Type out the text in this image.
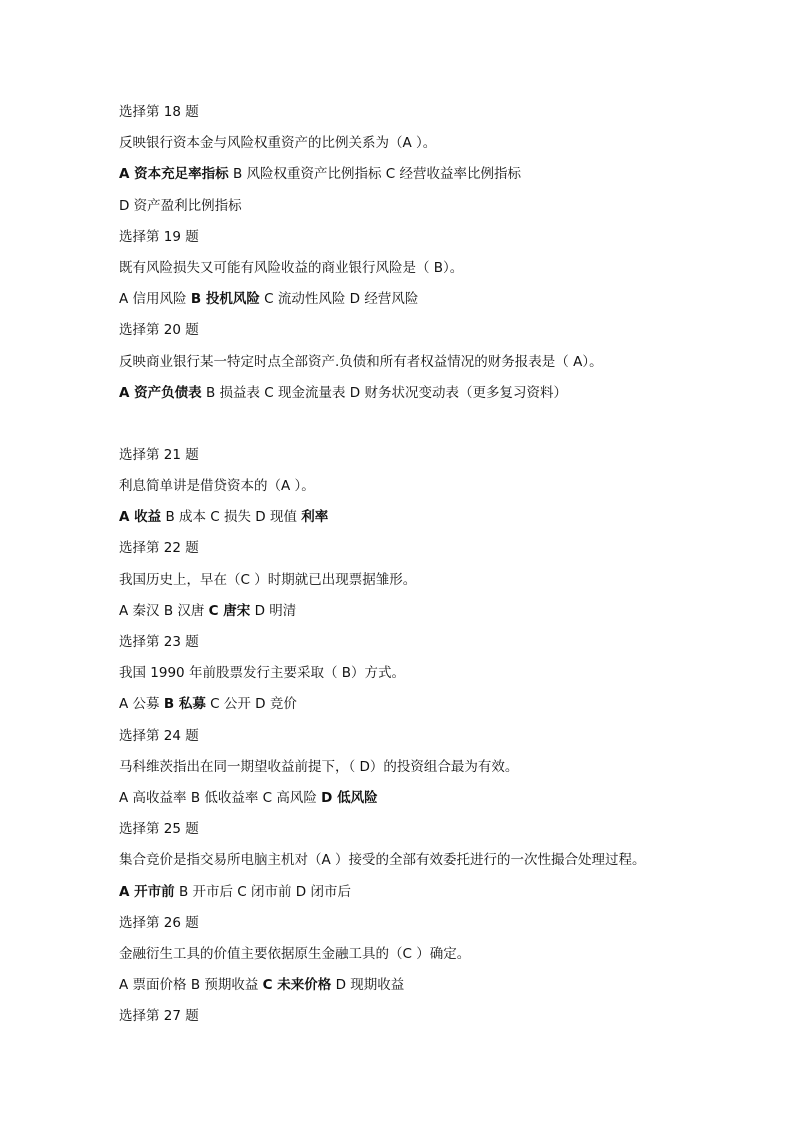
选择第 18 题
反映银行资本金与风险权重资产的比例关系为（A ）。
A 资本充足率指标 B 风险权重资产比例指标 C 经营收益率比例指标
D 资产盈利比例指标
选择第 19 题
既有风险损失又可能有风险收益的商业银行风险是（ B）。
A 信用风险 B 投机风险 C 流动性风险 D 经营风险
选择第 20 题
反映商业银行某一特定时点全部资产.负债和所有者权益情况的财务报表是（ A）。
A 资产负债表 B 损益表 C 现金流量表 D 财务状况变动表（更多复习资料）
选择第 21 题
利息简单讲是借贷资本的（A ）。
A 收益 B 成本 C 损失 D 现值 利率
选择第 22 题
我国历史上，早在（C ）时期就已出现票据雏形。
A 秦汉 B 汉唐 C 唐宋 D 明清
选择第 23 题
我国 1990 年前股票发行主要采取（ B）方式。
A 公募 B 私募 C 公开 D 竞价
选择第 24 题
马科维茨指出在同一期望收益前提下，（ D）的投资组合最为有效。
A 高收益率 B 低收益率 C 高风险 D 低风险
选择第 25 题
集合竞价是指交易所电脑主机对（A ）接受的全部有效委托进行的一次性撮合处理过程。
A 开市前 B 开市后 C 闭市前 D 闭市后
选择第 26 题
金融衍生工具的价值主要依据原生金融工具的（C ）确定。
A 票面价格 B 预期收益 C 未来价格 D 现期收益
选择第 27 题
